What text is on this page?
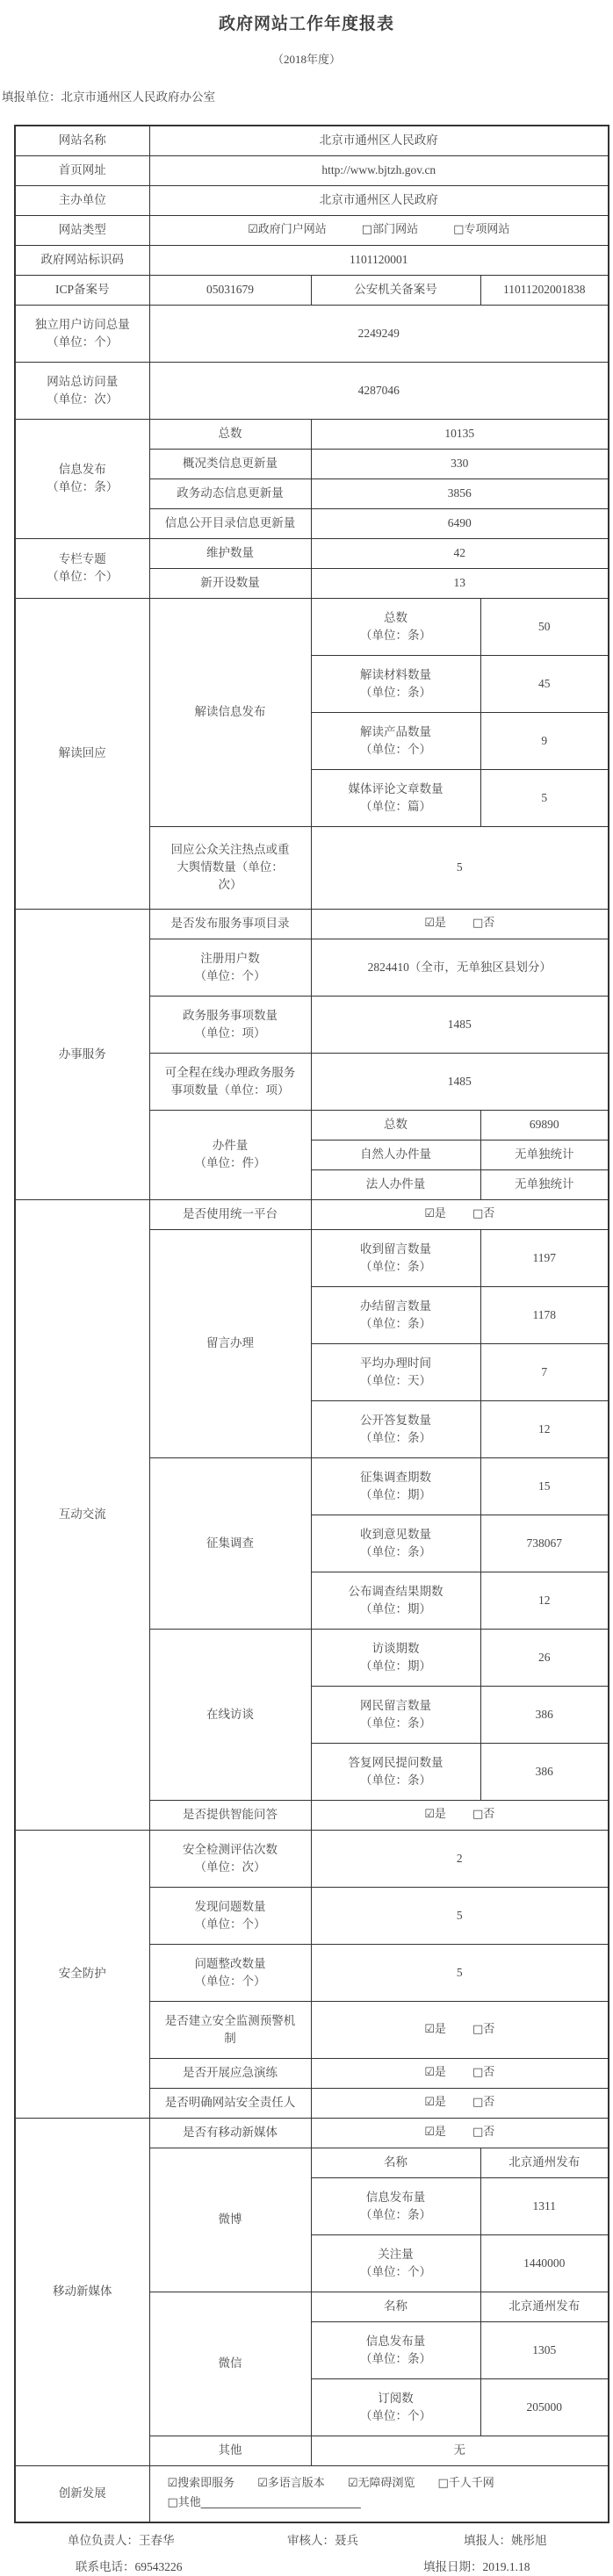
政府网站工作年度报表
（2018年度）
填报单位：北京市通州区人民政府办公室
网站名称	北京市通州区人民政府		
首页网址	http://www.bjtzh.gov.cn		
主办单位	北京市通州区人民政府		
网站类型	☑政府门户网站 □部门网站 □专项网站		

政府网站标识码	1101120001		
ICP备案号	05031679	公安机关备案号	11011202001838

独立用户访问总量
（单位：个）	2249249		

网站总访问量
（单位：次）	4287046		

信息发布
（单位：条）	总数	10135	
	概况类信息更新量	330	
	政务动态信息更新量	3856	
	信息公开目录信息更新量	6490	

专栏专题
（单位：个）	维护数量	42	
	新开设数量	13	
解读回应	解读信息发布	总数
（单位：条）	50

		解读材料数量
（单位：条）	45

		解读产品数量
（单位：个）	9

		媒体评论文章数量
（单位：篇）	5
	回应公众关注热点或重大舆情数量（单位：次）	5	
办事服务	是否发布服务事项目录	☑是 □否	

	注册用户数
（单位：个）	2824410（全市，无单独区县划分）	

	政务服务事项数量
（单位：项）	1485	
	可全程在线办理政务服务事项数量（单位：项）	1485	

	办件量
（单位：件）	总数	69890
		自然人办件量	无单独统计
		法人办件量	无单独统计
互动交流	是否使用统一平台	☑是 □否	

	留言办理	收到留言数量
（单位：条）	1197

		办结留言数量
（单位：条）	1178

		平均办理时间
（单位：天）	7

		公开答复数量
（单位：条）	12
	征集调查	征集调查期数
（单位：期）	15

		收到意见数量
（单位：条）	738067

		公布调查结果期数
（单位：期）	12
	在线访谈	访谈期数
（单位：期）	26

		网民留言数量
（单位：条）	386

		答复网民提问数量
（单位：条）	386
	是否提供智能问答	☑是 □否	

安全防护	安全检测评估次数
（单位：次）	2	

	发现问题数量
（单位：个）	5	

	问题整改数量
（单位：个）	5	
	是否建立安全监测预警机制	☑是 □否	

	是否开展应急演练	☑是 □否	

	是否明确网站安全责任人	☑是 □否	

移动新媒体	是否有移动新媒体	☑是 □否	

	微博	名称	北京通州发布

		信息发布量
（单位：条）	1311

		关注量
（单位：个）	1440000
	微信	名称	北京通州发布

		信息发布量
（单位：条）	1305

		订阅数
（单位：个）	205000
	其他	无	
创新发展	☑搜索即服务 ☑多语言版本 ☑无障碍浏览 □千人千网
□其他____________________________		
单位负责人：王春华	审核人：聂兵	填报人：姚彤旭
联系电话：69543226	填报日期：2019.1.18
